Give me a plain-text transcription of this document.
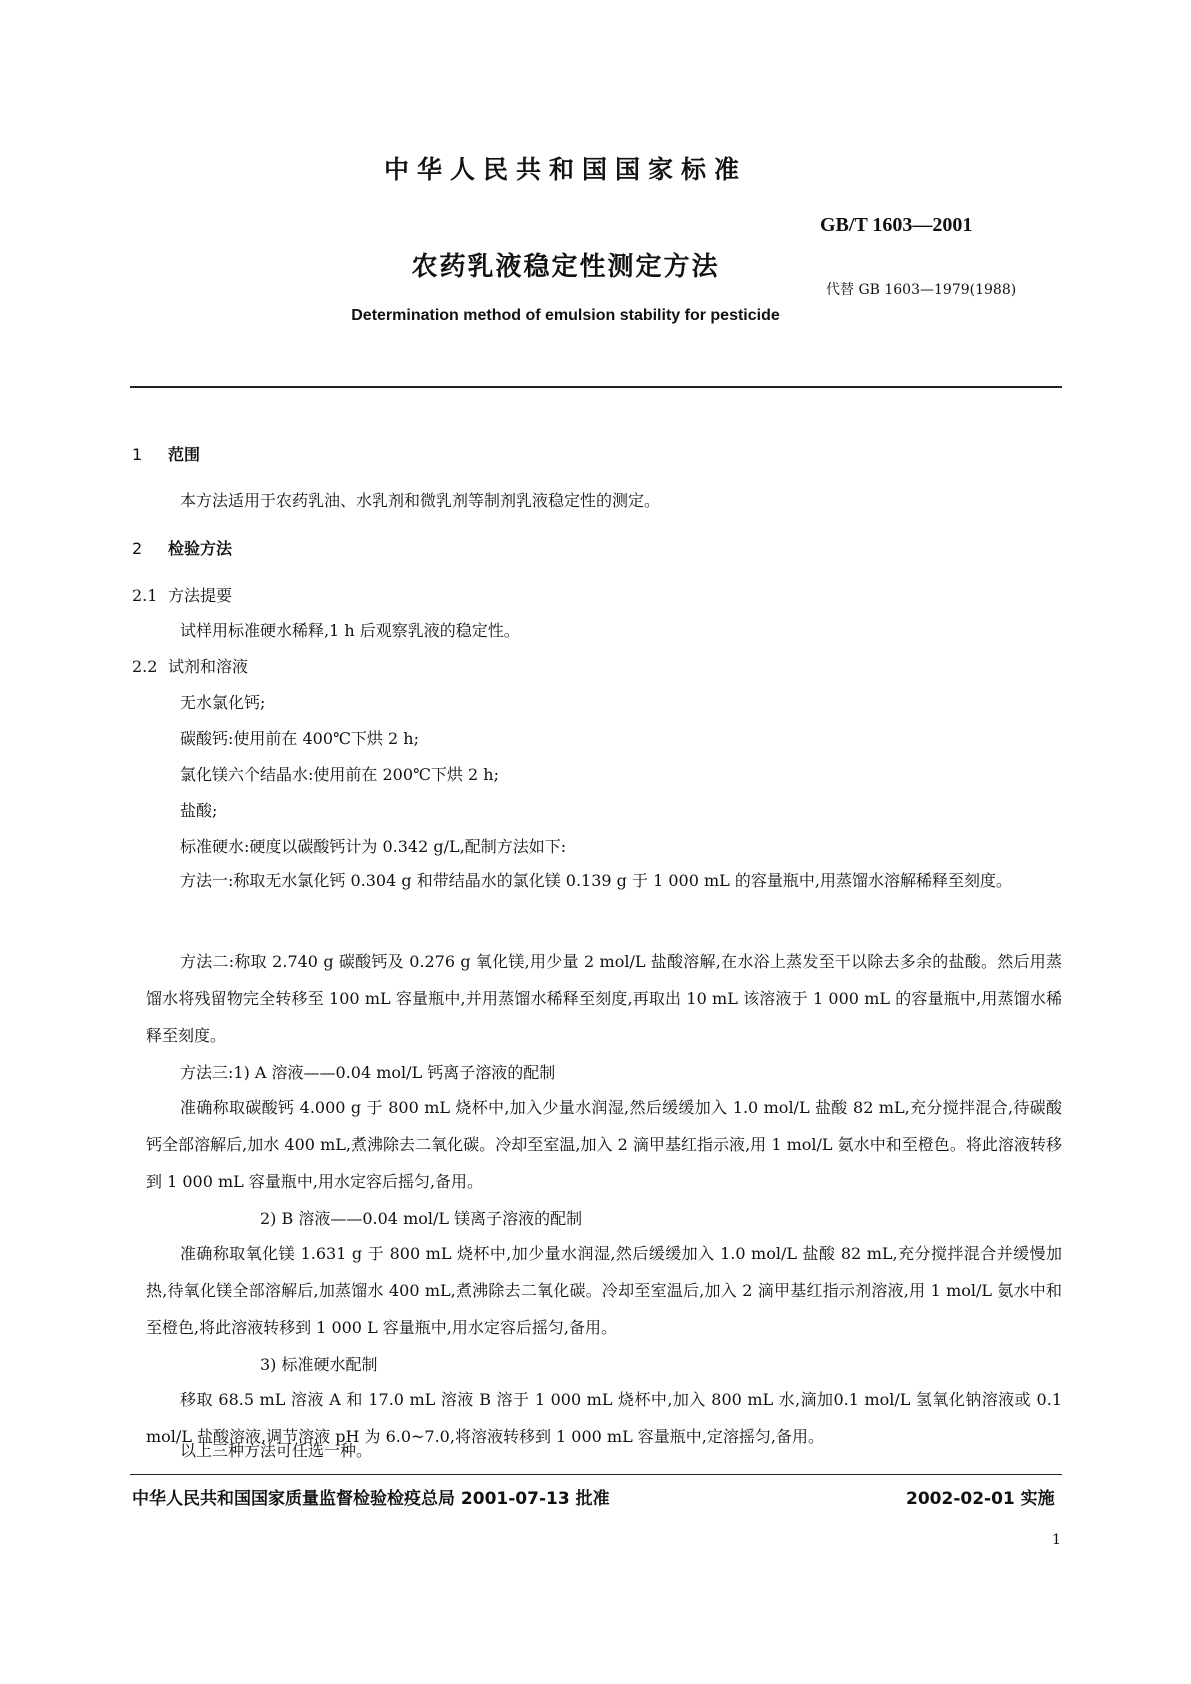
中华人民共和国国家标准
GB/T 1603—2001
农药乳液稳定性测定方法
代替 GB 1603—1979(1988)
Determination method of emulsion stability for pesticide
1 范围
本方法适用于农药乳油、水乳剂和微乳剂等制剂乳液稳定性的测定。
2 检验方法
2.1 方法提要
试样用标准硬水稀释,1 h 后观察乳液的稳定性。
2.2 试剂和溶液
无水氯化钙;
碳酸钙:使用前在 400℃下烘 2 h;
氯化镁六个结晶水:使用前在 200℃下烘 2 h;
盐酸;
标准硬水:硬度以碳酸钙计为 0.342 g/L,配制方法如下:
方法一:称取无水氯化钙 0.304 g 和带结晶水的氯化镁 0.139 g 于 1 000 mL 的容量瓶中,用蒸馏水溶解稀释至刻度。
方法二:称取 2.740 g 碳酸钙及 0.276 g 氧化镁,用少量 2 mol/L 盐酸溶解,在水浴上蒸发至干以除去多余的盐酸。然后用蒸馏水将残留物完全转移至 100 mL 容量瓶中,并用蒸馏水稀释至刻度,再取出 10 mL 该溶液于 1 000 mL 的容量瓶中,用蒸馏水稀释至刻度。
方法三:1) A 溶液——0.04 mol/L 钙离子溶液的配制
准确称取碳酸钙 4.000 g 于 800 mL 烧杯中,加入少量水润湿,然后缓缓加入 1.0 mol/L 盐酸 82 mL,充分搅拌混合,待碳酸钙全部溶解后,加水 400 mL,煮沸除去二氧化碳。冷却至室温,加入 2 滴甲基红指示液,用 1 mol/L 氨水中和至橙色。将此溶液转移到 1 000 mL 容量瓶中,用水定容后摇匀,备用。
2) B 溶液——0.04 mol/L 镁离子溶液的配制
准确称取氧化镁 1.631 g 于 800 mL 烧杯中,加少量水润湿,然后缓缓加入 1.0 mol/L 盐酸 82 mL,充分搅拌混合并缓慢加热,待氧化镁全部溶解后,加蒸馏水 400 mL,煮沸除去二氧化碳。冷却至室温后,加入 2 滴甲基红指示剂溶液,用 1 mol/L 氨水中和至橙色,将此溶液转移到 1 000 L 容量瓶中,用水定容后摇匀,备用。
3) 标准硬水配制
移取 68.5 mL 溶液 A 和 17.0 mL 溶液 B 溶于 1 000 mL 烧杯中,加入 800 mL 水,滴加0.1 mol/L 氢氧化钠溶液或 0.1 mol/L 盐酸溶液,调节溶液 pH 为 6.0~7.0,将溶液转移到 1 000 mL 容量瓶中,定溶摇匀,备用。
以上三种方法可任选一种。
中华人民共和国国家质量监督检验检疫总局 2001-07-13 批准	2002-02-01 实施
1
